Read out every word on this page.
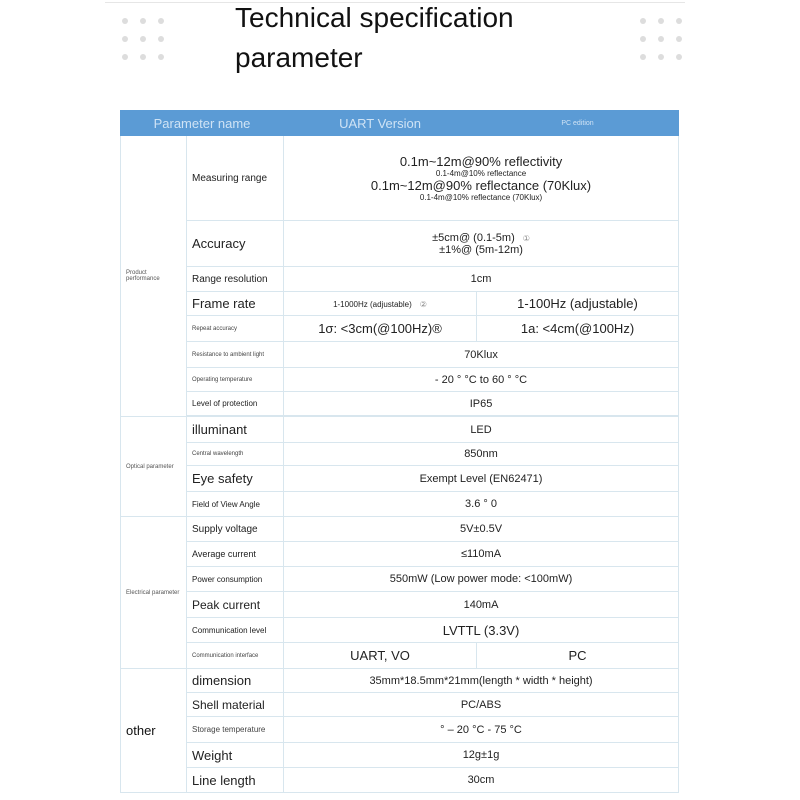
Technical specification
parameter
Parameter name		UART Version	PC edition
Product performance	Measuring range	0.1m~12m@90% reflectivity
0.1-4m@10% reflectance
0.1m~12m@90% reflectance (70Klux)
0.1-4m@10% reflectance (70Klux)	

	Accuracy	±5cm@ (0.1-5m) ①
±1%@ (5m-12m)	

	Range resolution	1cm	
	Frame rate	1-1000Hz (adjustable) ②	1-100Hz (adjustable)
	Repeat accuracy	1σ: <3cm(@100Hz)®	1a: <4cm(@100Hz)
	Resistance to ambient light	70Klux	
	Operating temperature	- 20 ° °C to 60 ° °C	
	Level of protection	IP65	

Optical parameter	illuminant	LED	
	Central wavelength	850nm	
	Eye safety	Exempt Level (EN62471)	
	Field of View Angle	3.6 ° 0	
Electrical parameter	Supply voltage	5V±0.5V	
	Average current	≤110mA	
	Power consumption	550mW (Low power mode: <100mW)	
	Peak current	140mA	
	Communication level	LVTTL (3.3V)	
	Communication interface	UART, VO	PC
other	dimension	35mm*18.5mm*21mm(length * width * height)	
	Shell material	PC/ABS	
	Storage temperature	° – 20 °C - 75 °C	
	Weight	12g±1g	
	Line length	30cm	
